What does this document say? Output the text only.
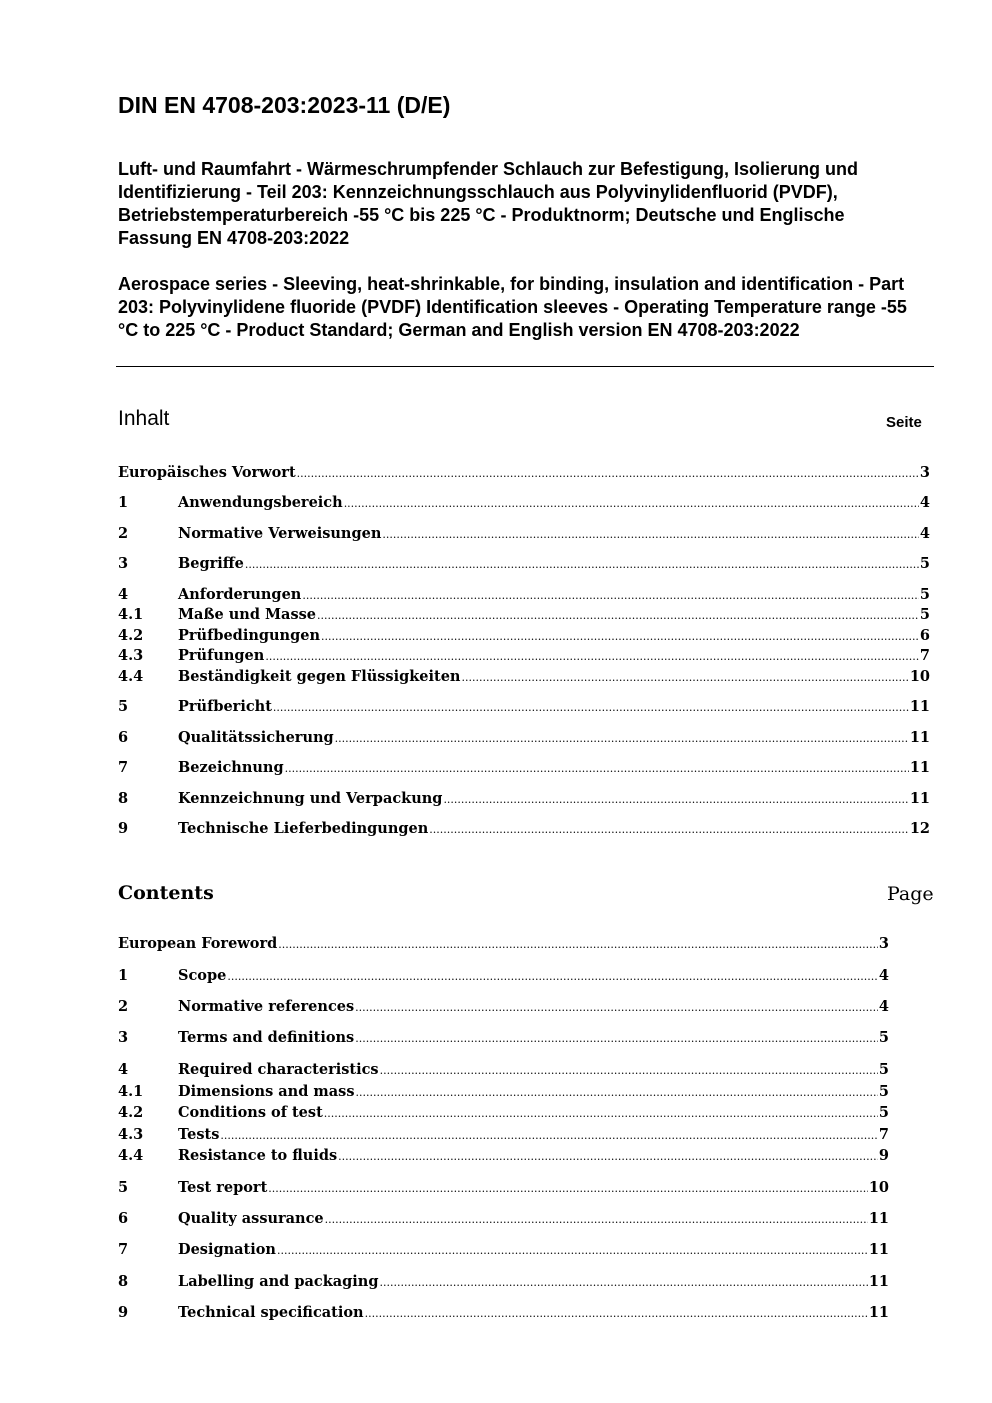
DIN EN 4708-203:2023-11 (D/E)
Luft- und Raumfahrt - Wärmeschrumpfender Schlauch zur Befestigung, Isolierung und Identifizierung - Teil 203: Kennzeichnungsschlauch aus Polyvinylidenfluorid (PVDF), Betriebstemperaturbereich -55 °C bis 225 °C - Produktnorm; Deutsche und Englische Fassung EN 4708-203:2022
Aerospace series - Sleeving, heat-shrinkable, for binding, insulation and identification - Part 203: Polyvinylidene fluoride (PVDF) Identification sleeves - Operating Temperature range -55 °C to 225 °C - Product Standard; German and English version EN 4708-203:2022
Inhalt	Seite
Europäisches Vorwort .....	3
1	Anwendungsbereich .....	4
2	Normative Verweisungen .....	4
3	Begriffe .....	5
4	Anforderungen .....	5
4.1	Maße und Masse .....	5
4.2	Prüfbedingungen .....	6
4.3	Prüfungen .....	7
4.4	Beständigkeit gegen Flüssigkeiten .....	10
5	Prüfbericht .....	11
6	Qualitätssicherung .....	11
7	Bezeichnung .....	11
8	Kennzeichnung und Verpackung .....	11
9	Technische Lieferbedingungen .....	12
Contents	Page
European Foreword .....	3
1	Scope .....	4
2	Normative references .....	4
3	Terms and definitions .....	5
4	Required characteristics .....	5
4.1	Dimensions and mass .....	5
4.2	Conditions of test .....	5
4.3	Tests .....	7
4.4	Resistance to fluids .....	9
5	Test report .....	10
6	Quality assurance .....	11
7	Designation .....	11
8	Labelling and packaging .....	11
9	Technical specification .....	11
